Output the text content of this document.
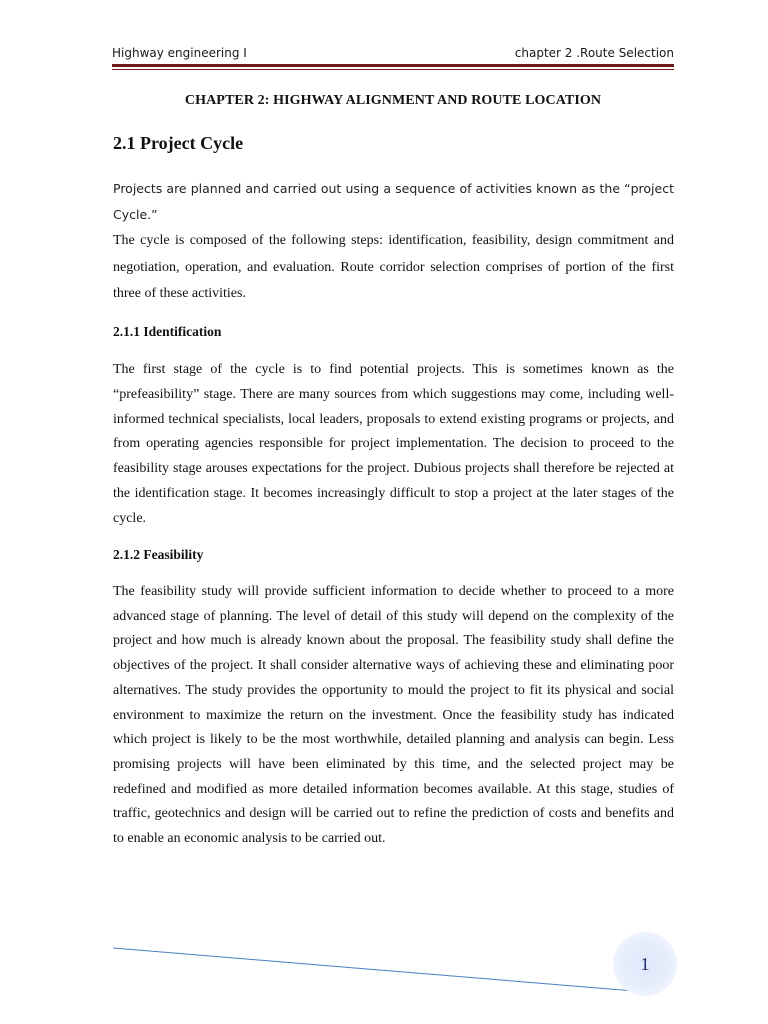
Highway engineering I	chapter 2 .Route Selection
CHAPTER 2: HIGHWAY ALIGNMENT AND ROUTE LOCATION
2.1 Project Cycle
Projects are planned and carried out using a sequence of activities known as the “project Cycle.”
The cycle is composed of the following steps: identification, feasibility, design commitment and negotiation, operation, and evaluation. Route corridor selection comprises of portion of the first three of these activities.
2.1.1 Identification
The first stage of the cycle is to find potential projects. This is sometimes known as the “prefeasibility” stage. There are many sources from which suggestions may come, including well-informed technical specialists, local leaders, proposals to extend existing programs or projects, and from operating agencies responsible for project implementation. The decision to proceed to the feasibility stage arouses expectations for the project. Dubious projects shall therefore be rejected at the identification stage. It becomes increasingly difficult to stop a project at the later stages of the cycle.
2.1.2 Feasibility
The feasibility study will provide sufficient information to decide whether to proceed to a more advanced stage of planning. The level of detail of this study will depend on the complexity of the project and how much is already known about the proposal. The feasibility study shall define the objectives of the project. It shall consider alternative ways of achieving these and eliminating poor alternatives. The study provides the opportunity to mould the project to fit its physical and social environment to maximize the return on the investment. Once the feasibility study has indicated which project is likely to be the most worthwhile, detailed planning and analysis can begin. Less promising projects will have been eliminated by this time, and the selected project may be redefined and modified as more detailed information becomes available. At this stage, studies of traffic, geotechnics and design will be carried out to refine the prediction of costs and benefits and to enable an economic analysis to be carried out.
1
